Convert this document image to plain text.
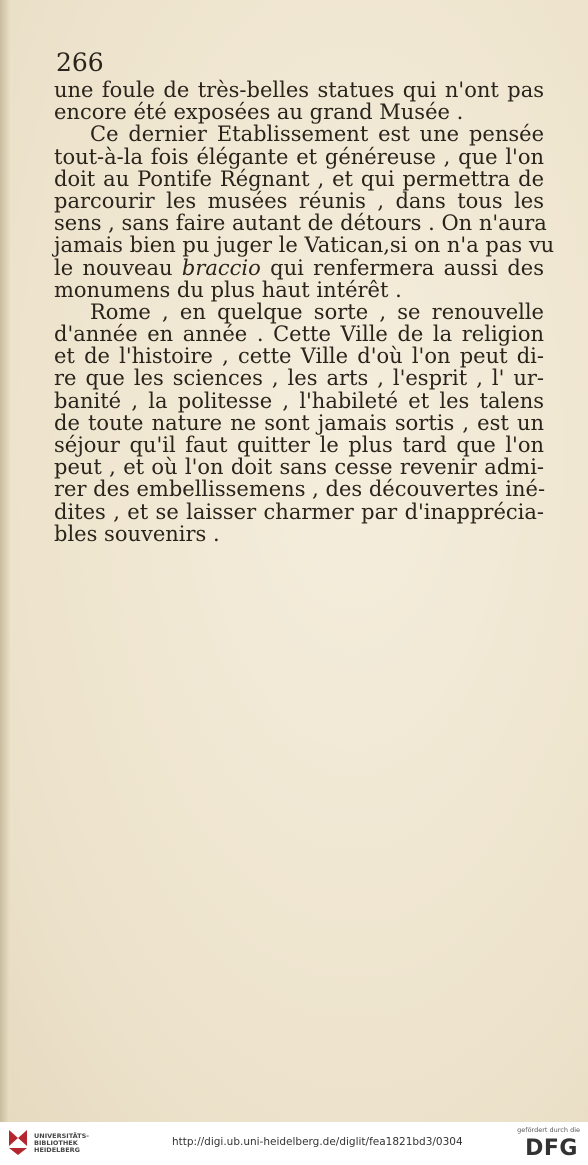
266
une foule de très-belles statues qui n'ont pas
encore été exposées au grand Musée .
Ce dernier Etablissement est une pensée
tout-à-la fois élégante et généreuse , que l'on
doit au Pontife Régnant , et qui permettra de
parcourir les musées réunis , dans tous les
sens , sans faire autant de détours . On n'aura
jamais bien pu juger le Vatican,si on n'a pas vu
le nouveau braccio qui renfermera aussi des
monumens du plus haut intérêt .
Rome , en quelque sorte , se renouvelle
d'année en année . Cette Ville de la religion
et de l'histoire , cette Ville d'où l'on peut di-
re que les sciences , les arts , l'esprit , l' ur-
banité , la politesse , l'habileté et les talens
de toute nature ne sont jamais sortis , est un
séjour qu'il faut quitter le plus tard que l'on
peut , et où l'on doit sans cesse revenir admi-
rer des embellissemens , des découvertes iné-
dites , et se laisser charmer par d'inapprécia-
bles souvenirs .
⠀
UNIVERSITÄTS-
BIBLIOTHEK
HEIDELBERG
http://digi.ub.uni-heidelberg.de/diglit/fea1821bd3/0304
gefördert durch die
DFG
